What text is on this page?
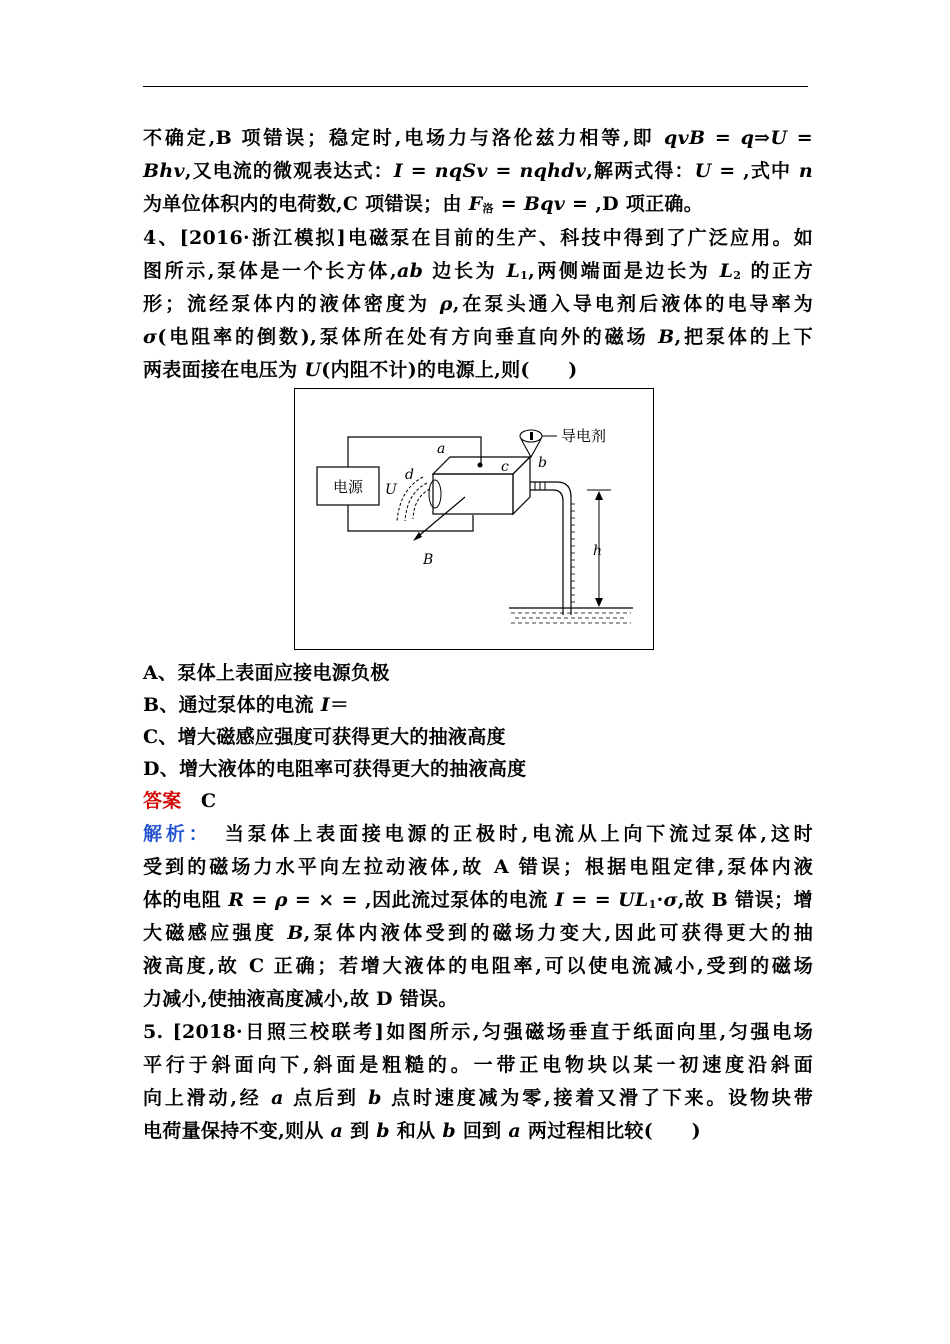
不确定,B 项错误；稳定时,电场力与洛伦兹力相等,即 qvB = q⇒U =
Bhv,又电流的微观表达式：I = nqSv = nqhdv,解两式得：U = ,式中 n
为单位体积内的电荷数,C 项错误；由 $F_洛$ = Bqv = ,D 项正确。
4、[2016·浙江模拟]电磁泵在目前的生产、科技中得到了广泛应用。如
图所示,泵体是一个长方体,ab 边长为 $L_1$,两侧端面是边长为 $L_2$ 的正方
形；流经泵体内的液体密度为 ρ,在泵头通入导电剂后液体的电导率为
σ(电阻率的倒数),泵体所在处有方向垂直向外的磁场 B,把泵体的上下
两表面接在电压为 U(内阻不计)的电源上,则(　　)
电源
a
c b
d
U
B
导电剂
h
A、泵体上表面应接电源负极
B、通过泵体的电流 I＝
C、增大磁感应强度可获得更大的抽液高度
D、增大液体的电阻率可获得更大的抽液高度
答案　 C
解析：　 当泵体上表面接电源的正极时,电流从上向下流过泵体,这时
受到的磁场力水平向左拉动液体,故 A 错误；根据电阻定律,泵体内液
体的电阻 R = ρ = × = ,因此流过泵体的电流 I = = $UL_1\cdot\sigma$,故 B 错误；增
大磁感应强度 B,泵体内液体受到的磁场力变大,因此可获得更大的抽
液高度,故 C 正确；若增大液体的电阻率,可以使电流减小,受到的磁场
力减小,使抽液高度减小,故 D 错误。
5. [2018·日照三校联考]如图所示,匀强磁场垂直于纸面向里,匀强电场
平行于斜面向下,斜面是粗糙的。一带正电物块以某一初速度沿斜面
向上滑动,经 a 点后到 b 点时速度减为零,接着又滑了下来。设物块带
电荷量保持不变,则从 a 到 b 和从 b 回到 a 两过程相比较(　　)
